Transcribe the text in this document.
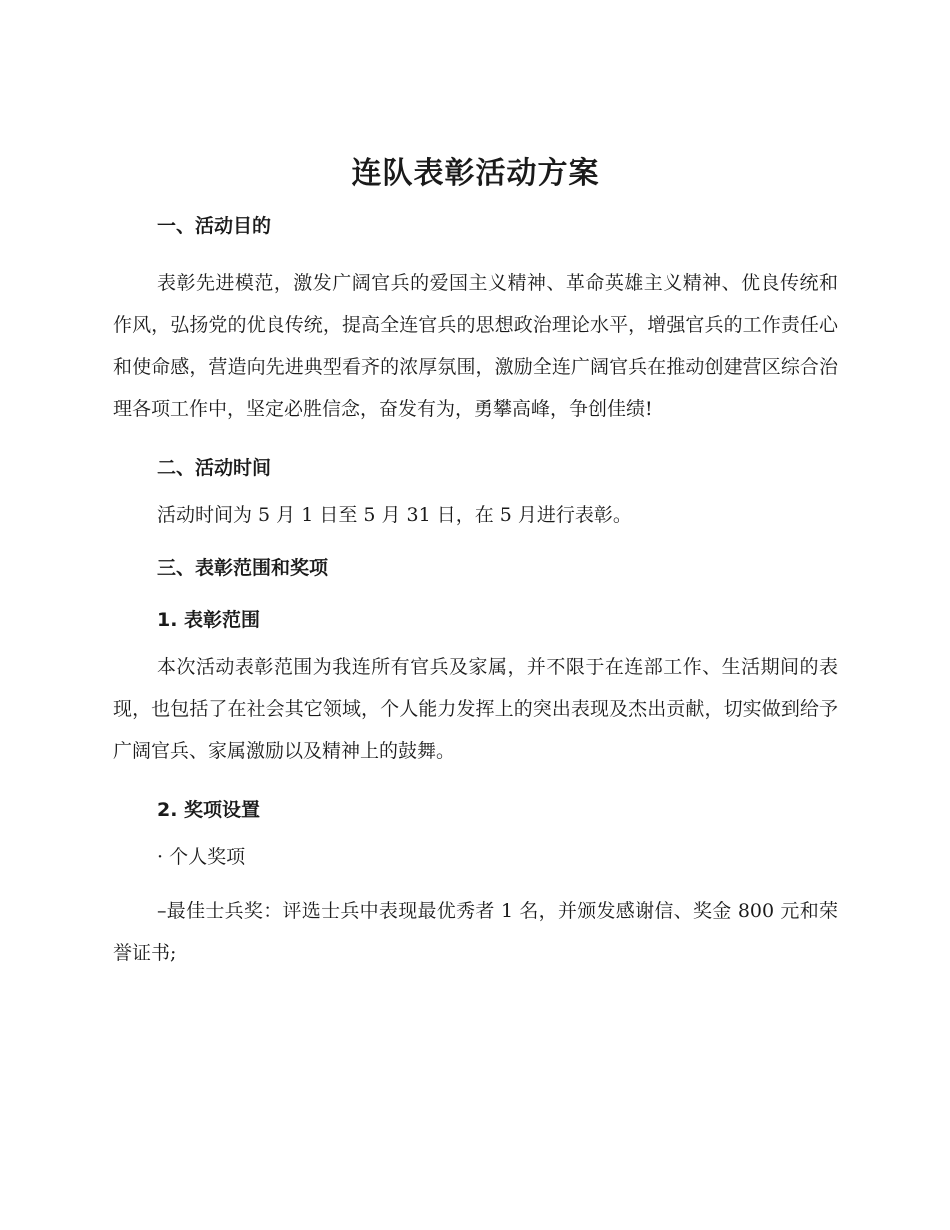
连队表彰活动方案
一、活动目的

表彰先进模范，激发广阔官兵的爱国主义精神、革命英雄主义精神、优良传统和作风，弘扬党的优良传统，提高全连官兵的思想政治理论水平，增强官兵的工作责任心和使命感，营造向先进典型看齐的浓厚氛围，激励全连广阔官兵在推动创建营区综合治理各项工作中，坚定必胜信念，奋发有为，勇攀高峰，争创佳绩!

二、活动时间

活动时间为 5 月 1 日至 5 月 31 日，在 5 月进行表彰。

三、表彰范围和奖项
1. 表彰范围

本次活动表彰范围为我连所有官兵及家属，并不限于在连部工作、生活期间的表现，也包括了在社会其它领域，个人能力发挥上的突出表现及杰出贡献，切实做到给予广阔官兵、家属激励以及精神上的鼓舞。

2. 奖项设置

· 个人奖项

–最佳士兵奖：评选士兵中表现最优秀者 1 名，并颁发感谢信、奖金 800 元和荣誉证书;
